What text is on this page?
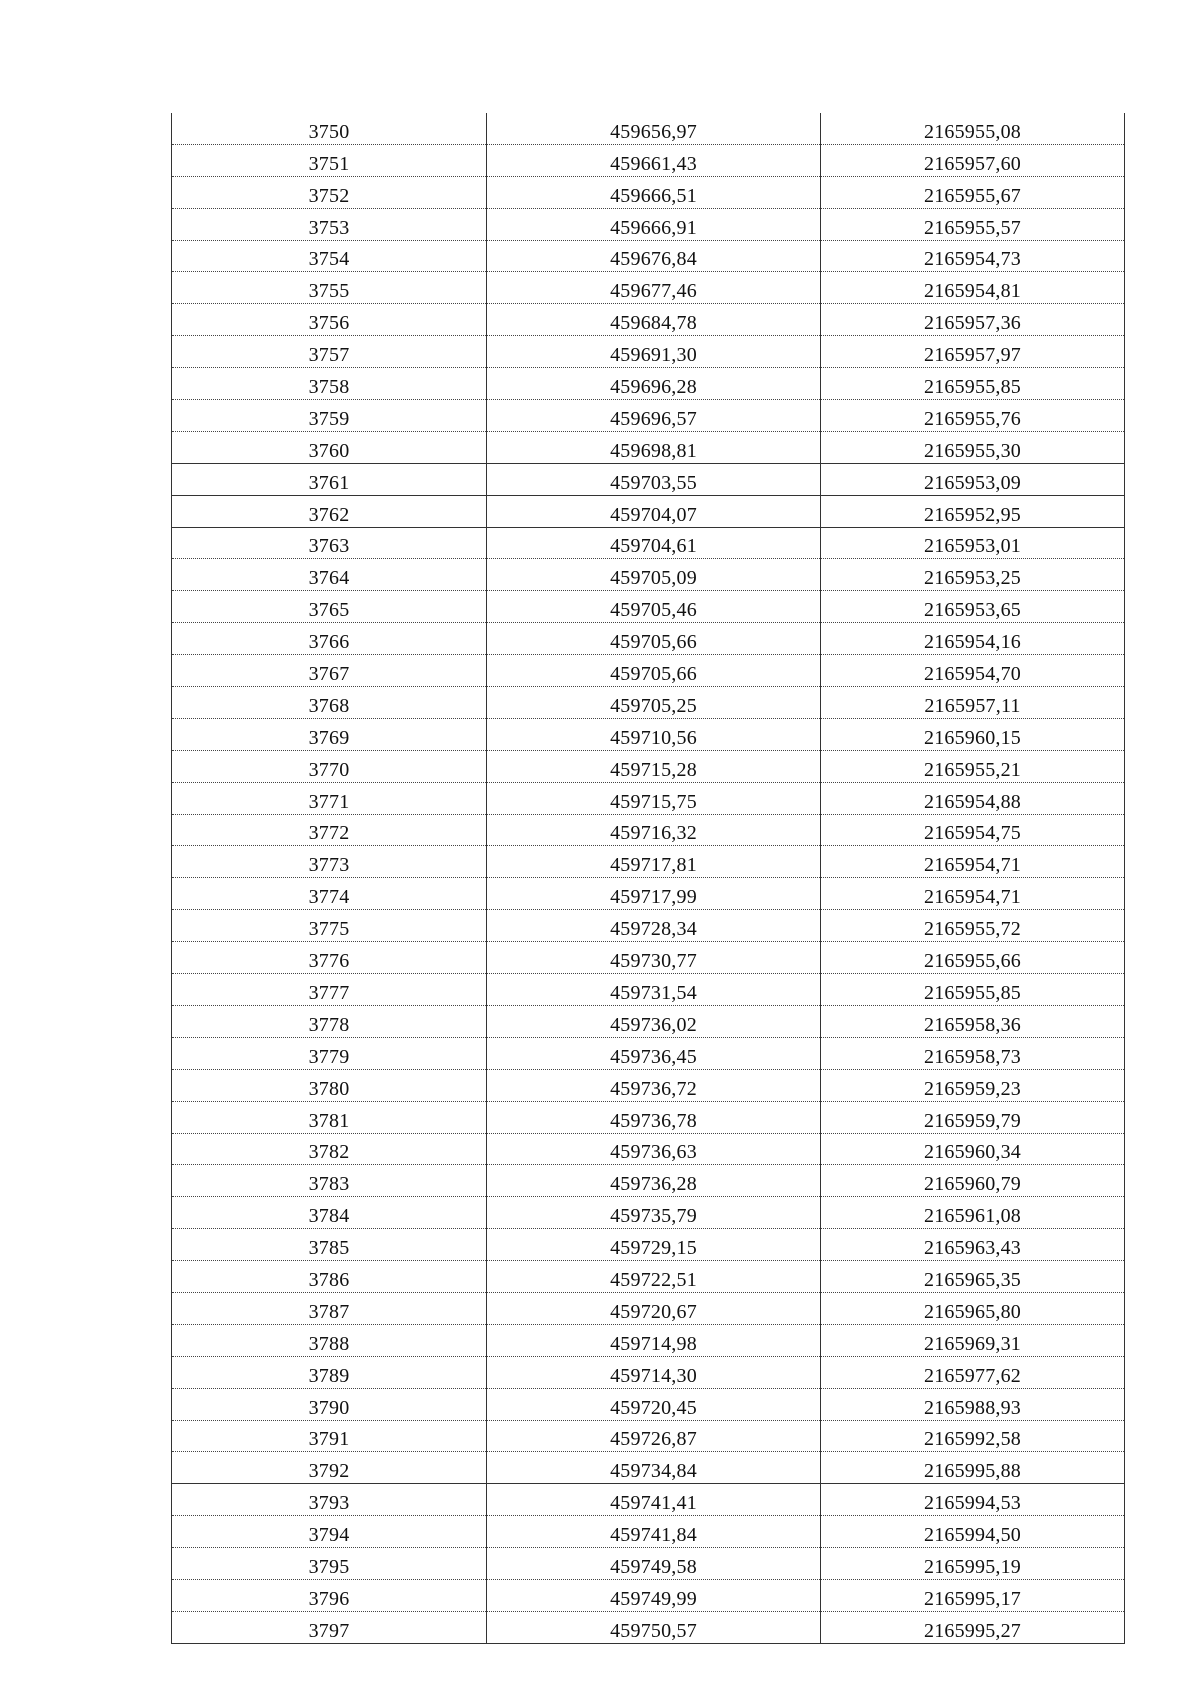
3750	459656,97	2165955,08
3751	459661,43	2165957,60
3752	459666,51	2165955,67
3753	459666,91	2165955,57
3754	459676,84	2165954,73
3755	459677,46	2165954,81
3756	459684,78	2165957,36
3757	459691,30	2165957,97
3758	459696,28	2165955,85
3759	459696,57	2165955,76
3760	459698,81	2165955,30
3761	459703,55	2165953,09
3762	459704,07	2165952,95
3763	459704,61	2165953,01
3764	459705,09	2165953,25
3765	459705,46	2165953,65
3766	459705,66	2165954,16
3767	459705,66	2165954,70
3768	459705,25	2165957,11
3769	459710,56	2165960,15
3770	459715,28	2165955,21
3771	459715,75	2165954,88
3772	459716,32	2165954,75
3773	459717,81	2165954,71
3774	459717,99	2165954,71
3775	459728,34	2165955,72
3776	459730,77	2165955,66
3777	459731,54	2165955,85
3778	459736,02	2165958,36
3779	459736,45	2165958,73
3780	459736,72	2165959,23
3781	459736,78	2165959,79
3782	459736,63	2165960,34
3783	459736,28	2165960,79
3784	459735,79	2165961,08
3785	459729,15	2165963,43
3786	459722,51	2165965,35
3787	459720,67	2165965,80
3788	459714,98	2165969,31
3789	459714,30	2165977,62
3790	459720,45	2165988,93
3791	459726,87	2165992,58
3792	459734,84	2165995,88
3793	459741,41	2165994,53
3794	459741,84	2165994,50
3795	459749,58	2165995,19
3796	459749,99	2165995,17
3797	459750,57	2165995,27
